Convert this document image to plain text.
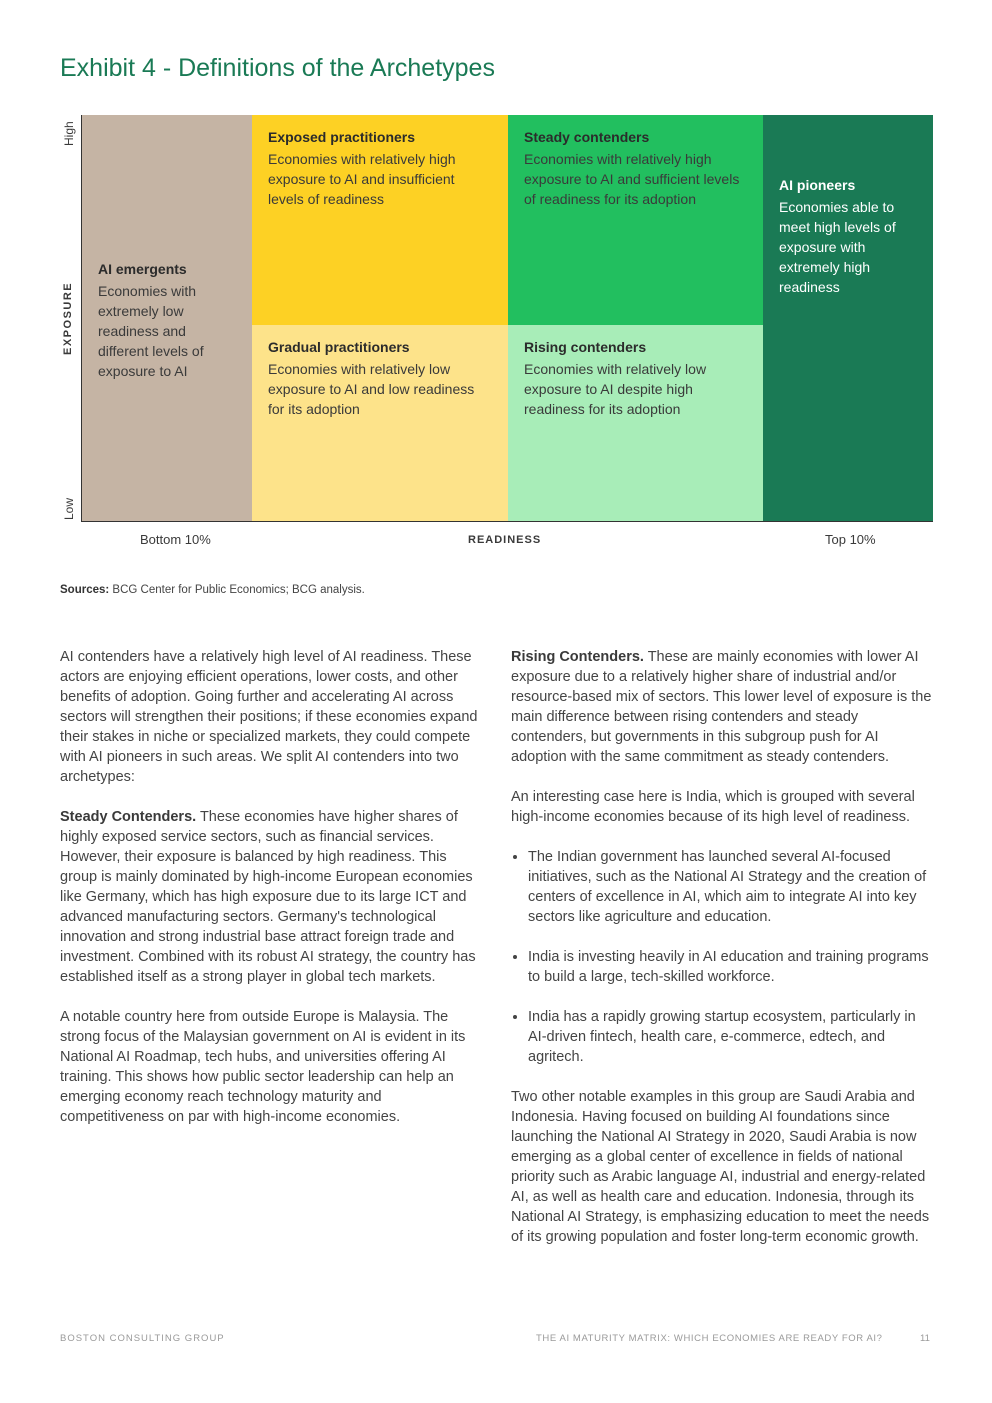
Exhibit 4 - Definitions of the Archetypes
High
EXPOSURE
Low
AI emergents
Economies with extremely low readiness and different levels of exposure to AI
Exposed practitioners
Economies with relatively high exposure to AI and insufficient levels of readiness
Gradual practitioners
Economies with relatively low exposure to AI and low readiness for its adoption
Steady contenders
Economies with relatively high exposure to AI and sufficient levels of readiness for its adoption
Rising contenders
Economies with relatively low exposure to AI despite high readiness for its adoption
AI pioneers
Economies able to meet high levels of exposure with extremely high readiness
Bottom 10%	READINESS	Top 10%
Sources: BCG Center for Public Economics; BCG analysis.

AI contenders have a relatively high level of AI readiness. These actors are enjoying efficient operations, lower costs, and other benefits of adoption. Going further and accelerating AI across sectors will strengthen their positions; if these economies expand their stakes in niche or specialized markets, they could compete with AI pioneers in such areas. We split AI contenders into two archetypes:

Steady Contenders. These economies have higher shares of highly exposed service sectors, such as financial services. However, their exposure is balanced by high readiness. This group is mainly dominated by high-income European economies like Germany, which has high exposure due to its large ICT and advanced manufacturing sectors. Germany's technological innovation and strong industrial base attract foreign trade and investment. Combined with its robust AI strategy, the country has established itself as a strong player in global tech markets.

A notable country here from outside Europe is Malaysia. The strong focus of the Malaysian government on AI is evident in its National AI Roadmap, tech hubs, and universities offering AI training. This shows how public sector leadership can help an emerging economy reach technology maturity and competitiveness on par with high-income economies.

Rising Contenders. These are mainly economies with lower AI exposure due to a relatively higher share of industrial and/or resource-based mix of sectors. This lower level of exposure is the main difference between rising contenders and steady contenders, but governments in this subgroup push for AI adoption with the same commitment as steady contenders.

An interesting case here is India, which is grouped with several high-income economies because of its high level of readiness.

• The Indian government has launched several AI-focused initiatives, such as the National AI Strategy and the creation of centers of excellence in AI, which aim to integrate AI into key sectors like agriculture and education.
• India is investing heavily in AI education and training programs to build a large, tech-skilled workforce.
• India has a rapidly growing startup ecosystem, particularly in AI-driven fintech, health care, e-commerce, edtech, and agritech.

Two other notable examples in this group are Saudi Arabia and Indonesia. Having focused on building AI foundations since launching the National AI Strategy in 2020, Saudi Arabia is now emerging as a global center of excellence in fields of national priority such as Arabic language AI, industrial and energy-related AI, as well as health care and education. Indonesia, through its National AI Strategy, is emphasizing education to meet the needs of its growing population and foster long-term economic growth.

BOSTON CONSULTING GROUP	THE AI MATURITY MATRIX: WHICH ECONOMIES ARE READY FOR AI?	11
